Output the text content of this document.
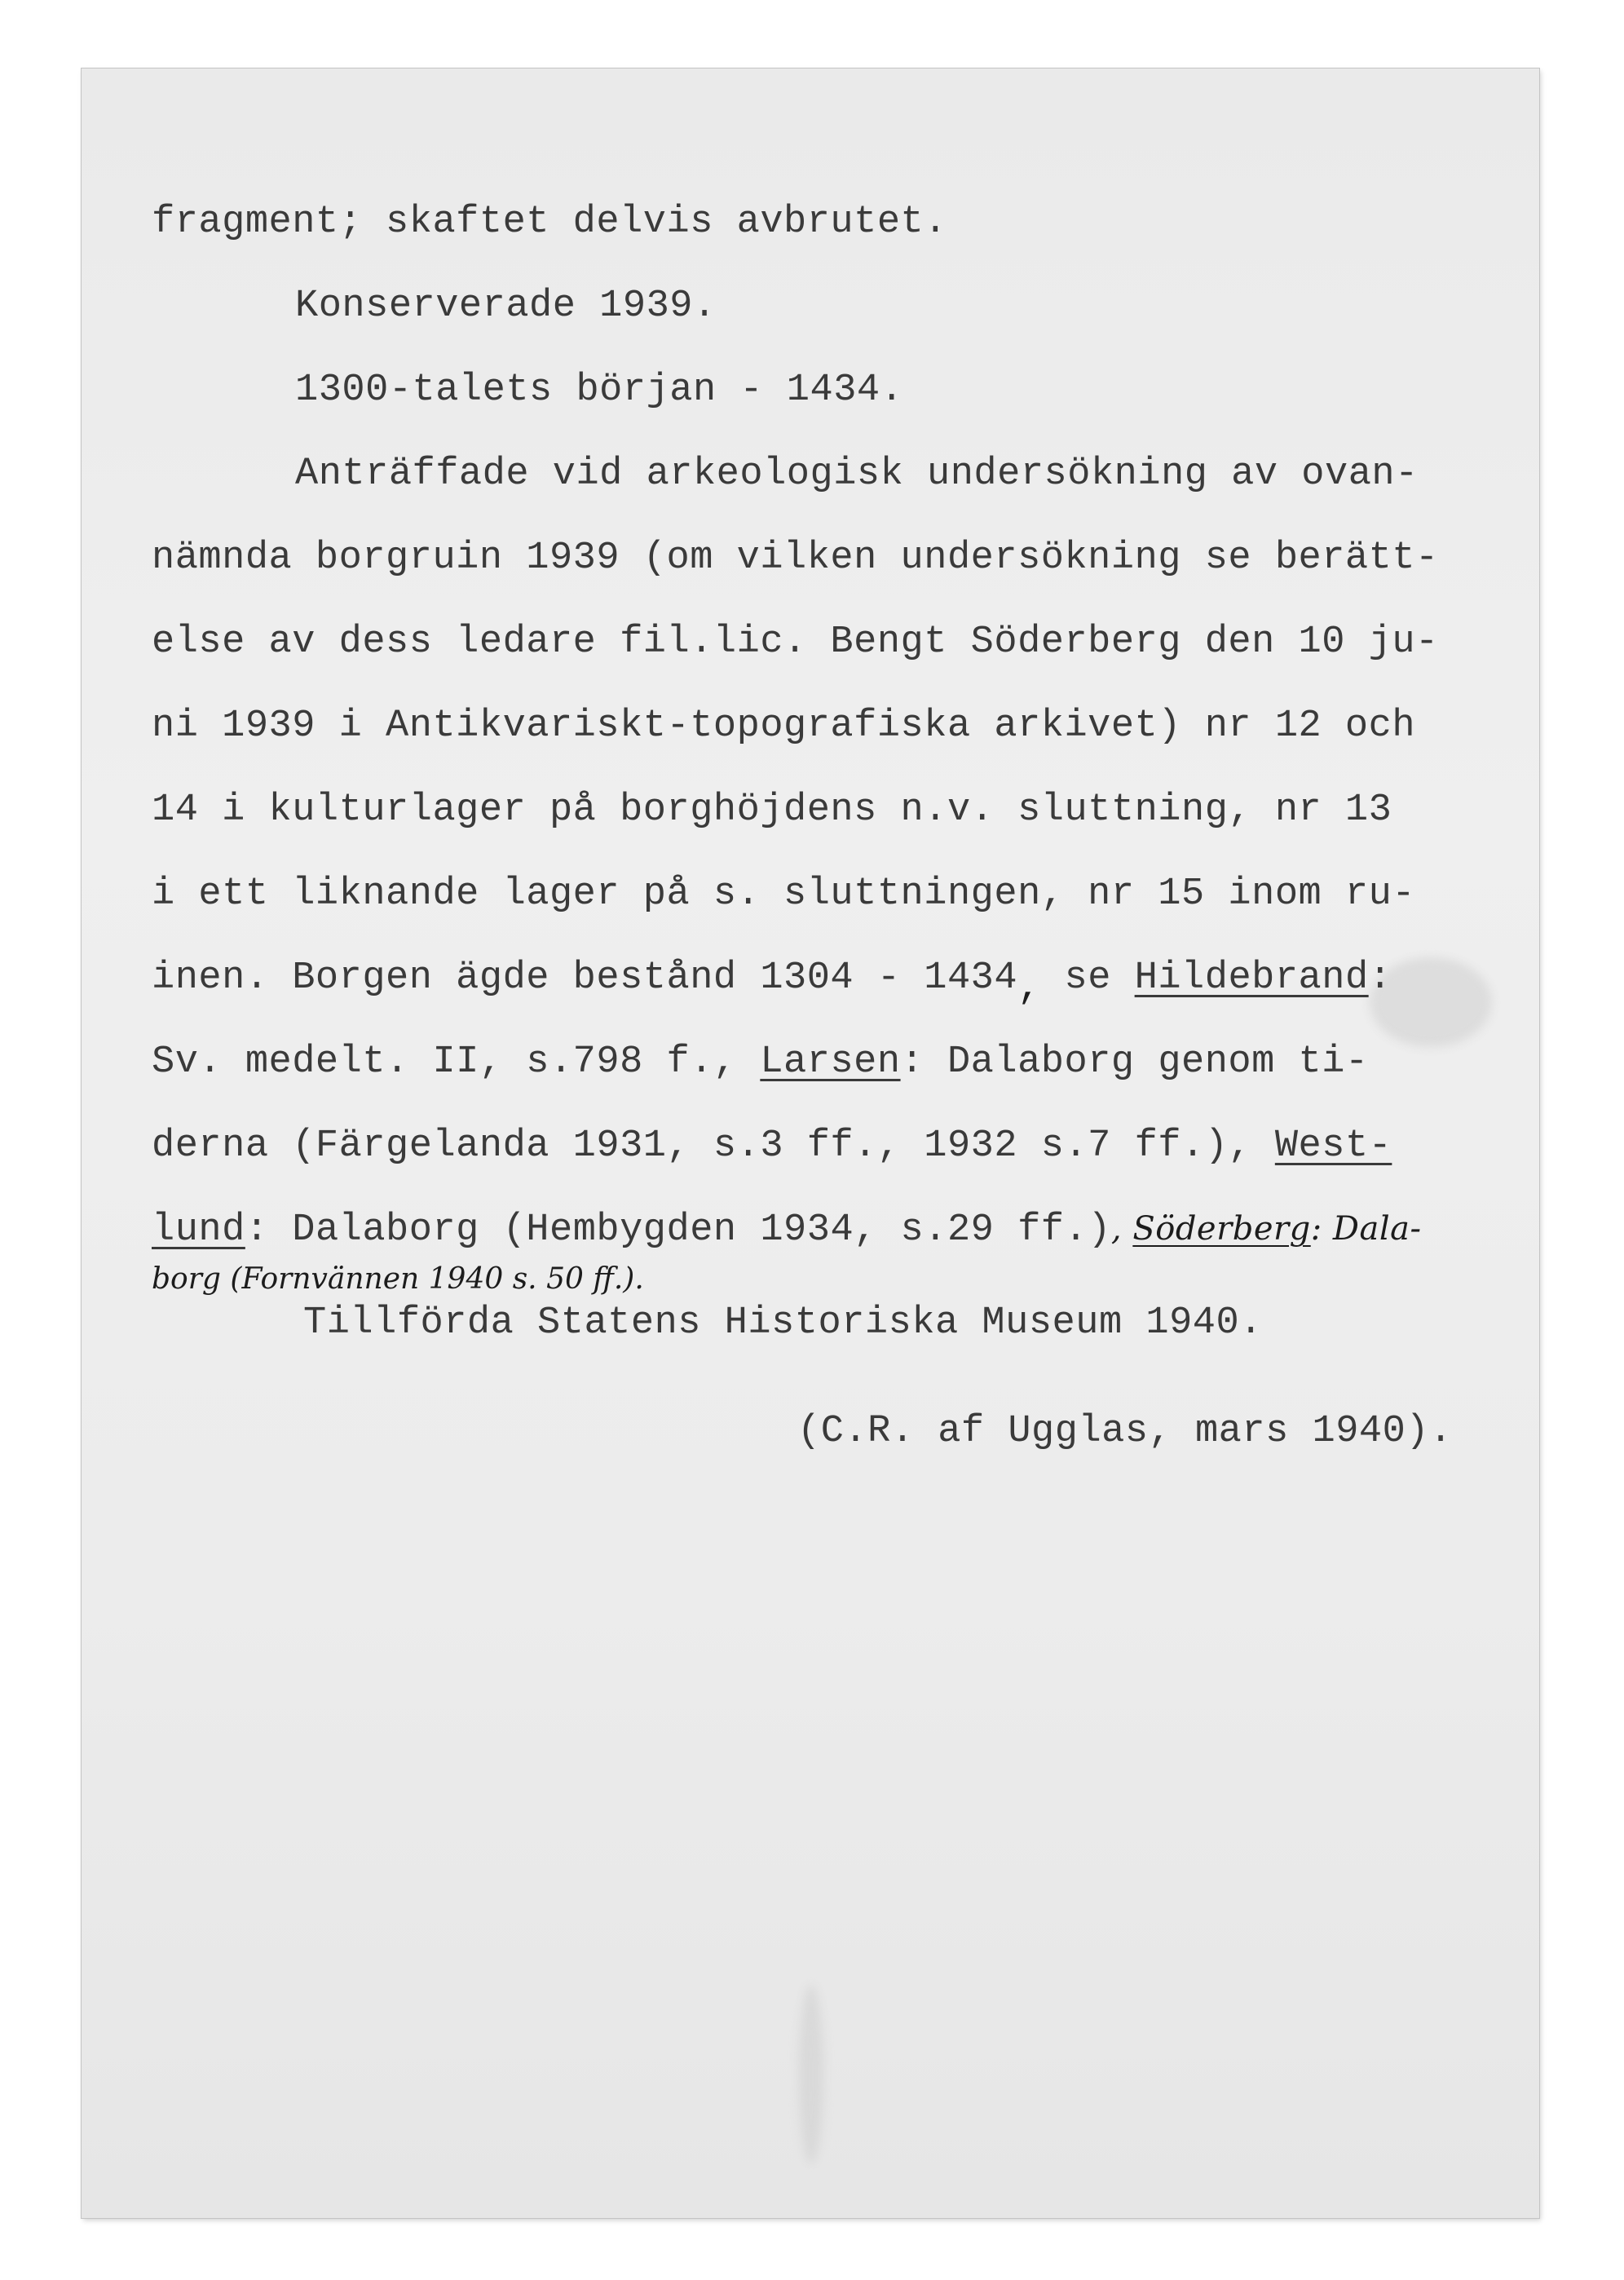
fragment; skaftet delvis avbrutet.

Konserverade 1939.

1300-talets början - 1434.

Anträffade vid arkeologisk undersökning av ovan-

nämnda borgruin 1939 (om vilken undersökning se berätt-

else av dess ledare fil.lic. Bengt Söderberg den 10 ju-

ni 1939 i Antikvariskt-topografiska arkivet) nr 12 och

14 i kulturlager på borghöjdens n.v. sluttning, nr 13

i ett liknande lager på s. sluttningen, nr 15 inom ru-

inen. Borgen ägde bestånd 1304 - 1434, se Hildebrand:

Sv. medelt. II, s.798 f., Larsen: Dalaborg genom ti-

derna (Färgelanda 1931, s.3 ff., 1932 s.7 ff.), West-

lund: Dalaborg (Hembygden 1934, s.29 ff.), Söderberg: Dala-

borg (Fornvännen 1940 s. 50 ff.).

Tillförda Statens Historiska Museum 1940.

(C.R. af Ugglas, mars 1940).
